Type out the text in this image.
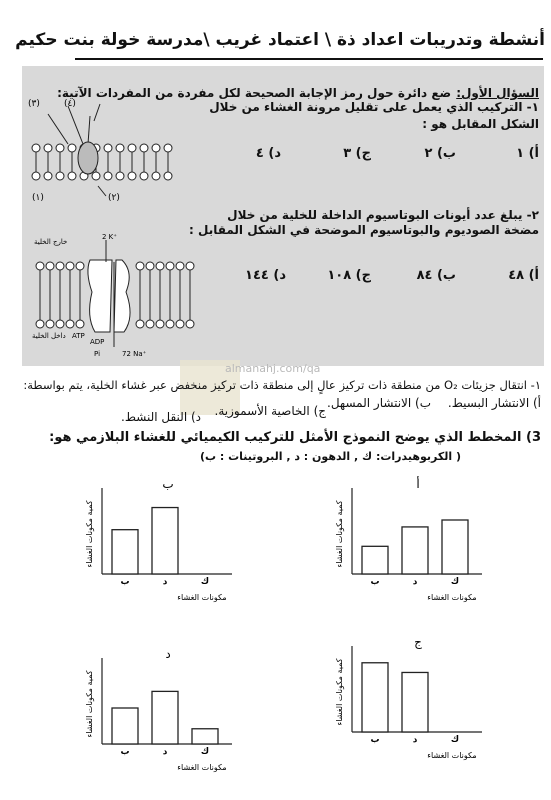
أنشطة وتدريبات اعداد ذة \ اعتماد غريب \مدرسة خولة بنت حكيم
السؤال الأول: ضع دائرة حول رمز الإجابة الصحيحة لكل مفردة من المفردات الآتية:
١- التركيب الذي يعمل على تقليل مرونة الغشاء من خلال
الشكل المقابل هو :
أ) ١
ب) ٢
ج) ٣
د) ٤
(٣)	(٤)
(١)	(٢)
٢- يبلغ عدد أيونات البوتاسيوم الداخلة للخلية من خلال
مضخة الصوديوم والبوتاسيوم الموضحة في الشكل المقابل :
أ) ٤٨
ب) ٨٤
ج) ١٠٨
د) ١٤٤
خارج الخلية
2 K⁺
ATP
ADP
Pi	72 Na⁺
داخل الخلية
almanahj.com/qa
١- انتقال جزيئات O₂ من منطقة ذات تركيز عالٍ إلى منطقة ذات تركيز منخفض عبر غشاء الخلية، يتم بواسطة:
أ) الانتشار البسيط.
ب) الانتشار المسهل.
ج) الخاصية الأسموزية.
د) النقل النشط.
3) المخطط الذي يوضح النموذج الأمثل للتركيب الكيميائي للغشاء البلازمي هو:
( الكربوهيدرات: ك , الدهون : د , البروتينات : ب)
أ
كمية مكونات الغشاء
مكونات الغشاء
ب	د	ك
ب
كمية مكونات الغشاء
مكونات الغشاء
ب	د	ك
ج
كمية مكونات الغشاء
مكونات الغشاء
ب	د	ك
د
كمية مكونات الغشاء
مكونات الغشاء
ب	د	ك
